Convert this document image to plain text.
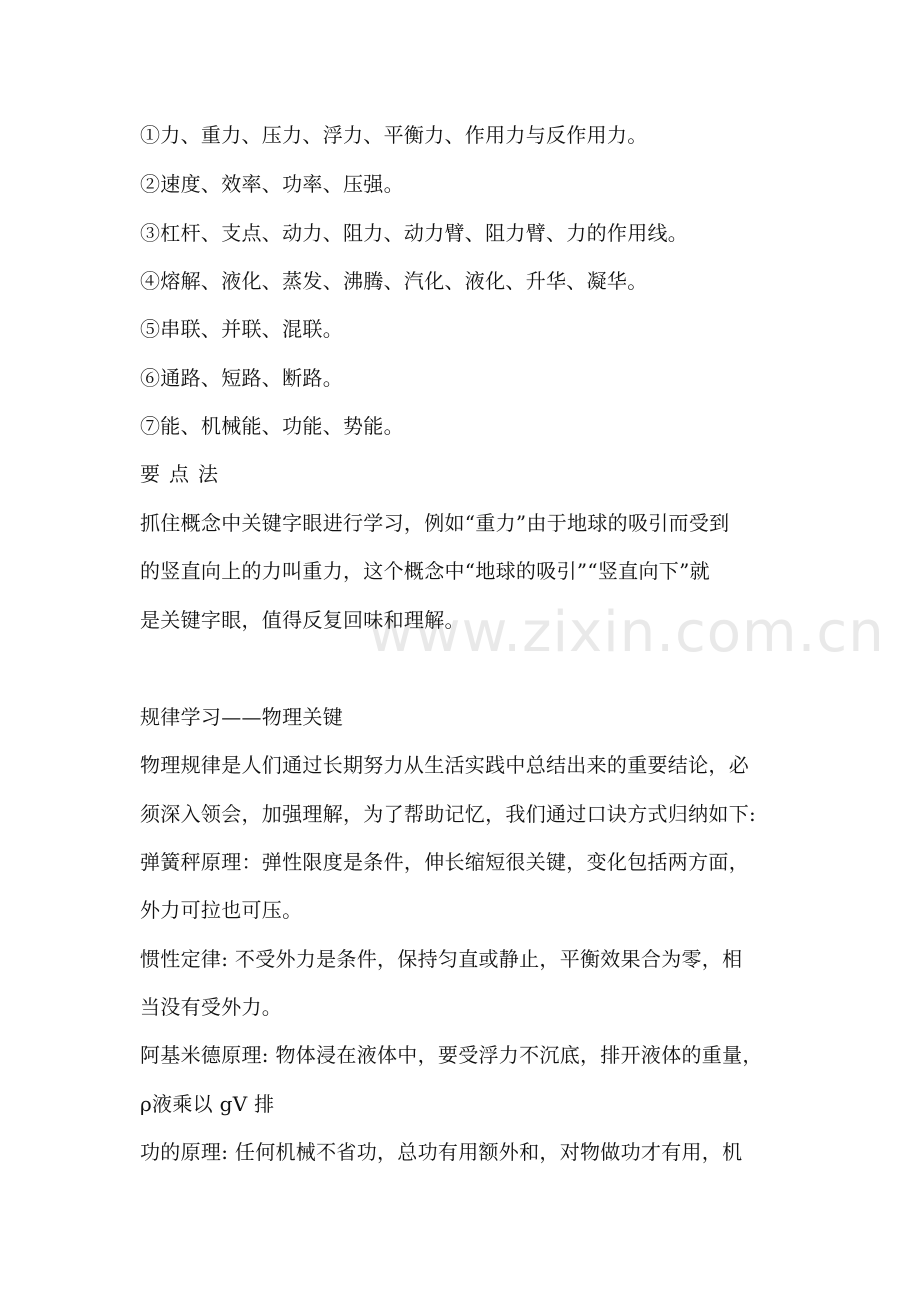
www.zixin.com.cn
①力、重力、压力、浮力、平衡力、作用力与反作用力。
②速度、效率、功率、压强。
③杠杆、支点、动力、阻力、动力臂、阻力臂、力的作用线。
④熔解、液化、蒸发、沸腾、汽化、液化、升华、凝华。
⑤串联、并联、混联。
⑥通路、短路、断路。
⑦能、机械能、功能、势能。
要点法
抓住概念中关键字眼进行学习，例如“重力”由于地球的吸引而受到
的竖直向上的力叫重力，这个概念中“地球的吸引”“竖直向下”就
是关键字眼，值得反复回味和理解。
规律学习——物理关键
物理规律是人们通过长期努力从生活实践中总结出来的重要结论，必
须深入领会，加强理解，为了帮助记忆，我们通过口诀方式归纳如下:
弹簧秤原理：弹性限度是条件，伸长缩短很关键，变化包括两方面，
外力可拉也可压。
惯性定律: 不受外力是条件，保持匀直或静止，平衡效果合为零，相
当没有受外力。
阿基米德原理: 物体浸在液体中，要受浮力不沉底，排开液体的重量，
ρ液乘以 gV 排
功的原理: 任何机械不省功，总功有用额外和，对物做功才有用，机
